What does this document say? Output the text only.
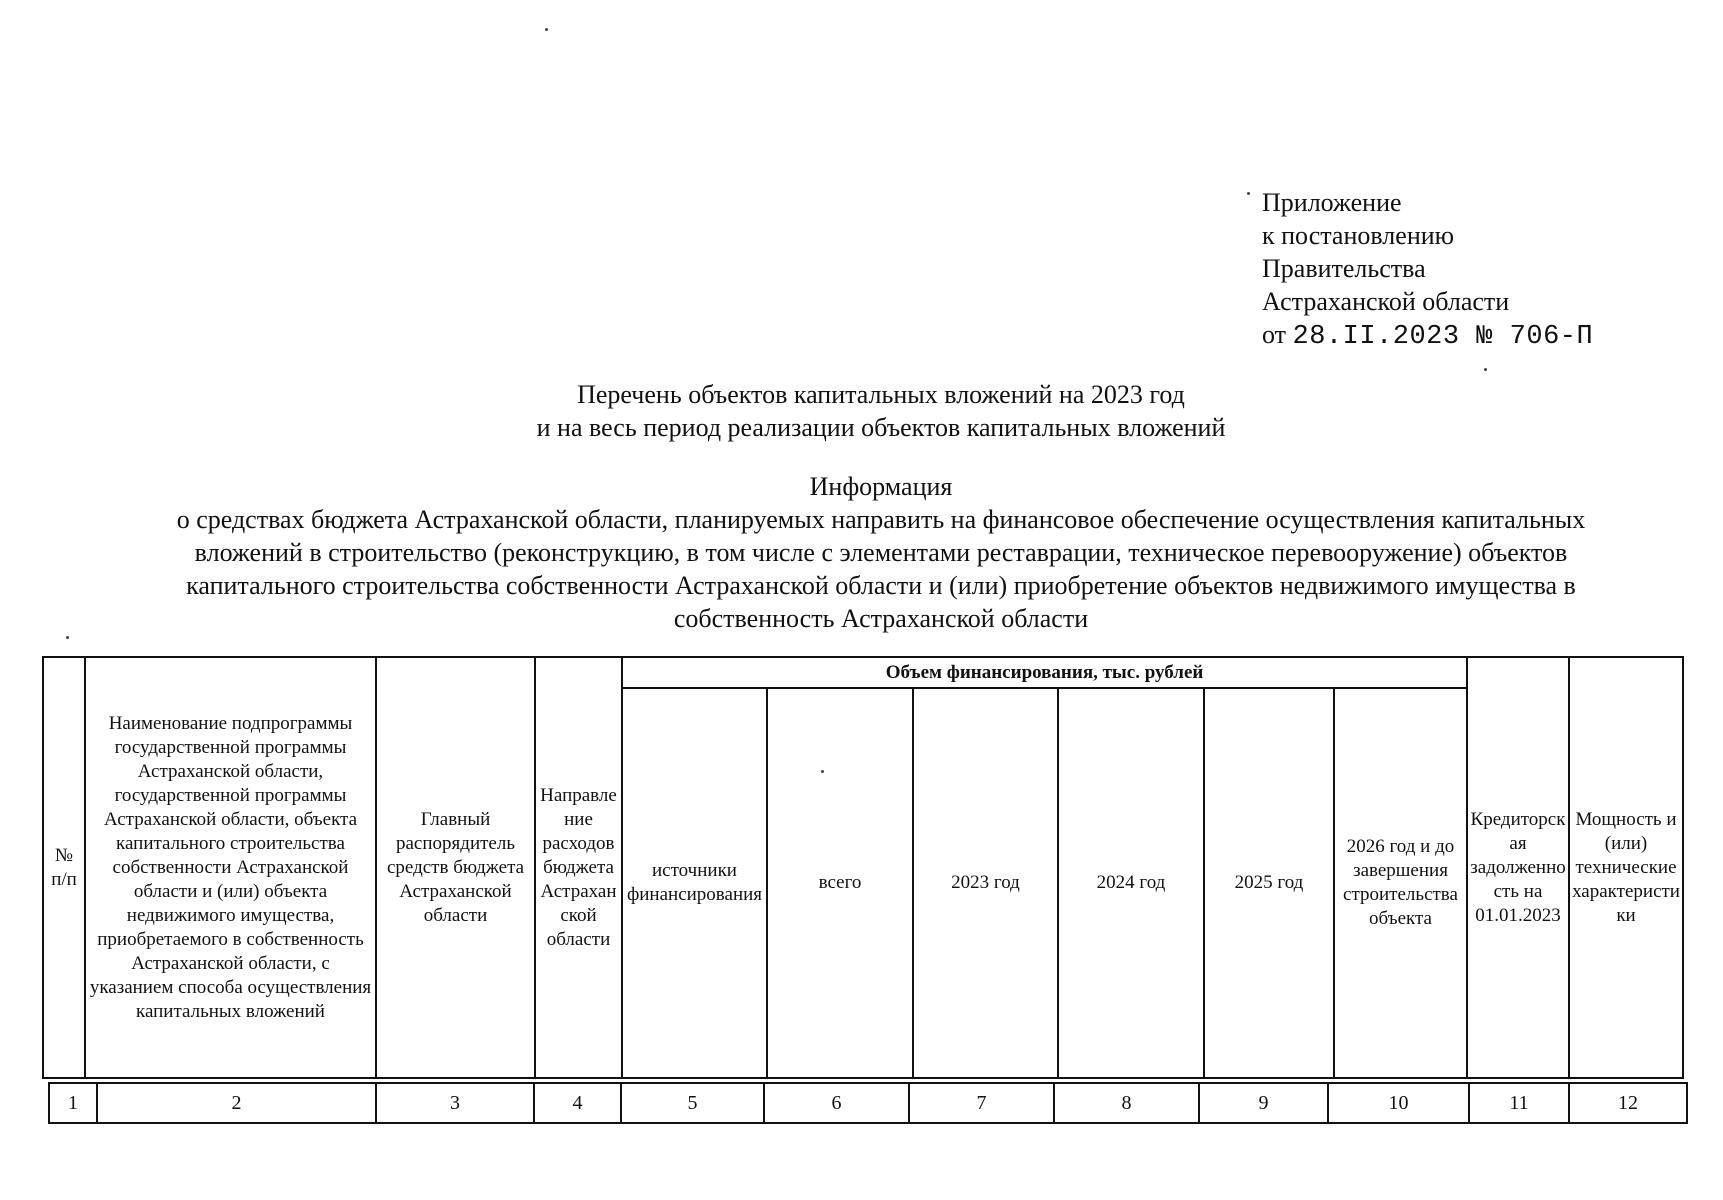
Приложение
к постановлению
Правительства
Астраханской области
от 28.II.2023 № 706-П
Перечень объектов капитальных вложений на 2023 год
и на весь период реализации объектов капитальных вложений
Информация
о средствах бюджета Астраханской области, планируемых направить на финансовое обеспечение осуществления капитальных
вложений в строительство (реконструкцию, в том числе с элементами реставрации, техническое перевооружение) объектов
капитального строительства собственности Астраханской области и (или) приобретение объектов недвижимого имущества в
собственность Астраханской области
№ п/п	Наименование подпрограммы государственной программы Астраханской области, государственной программы Астраханской области, объекта капитального строительства собственности Астраханской области и (или) объекта недвижимого имущества, приобретаемого в собственность Астраханской области, с указанием способа осуществления капитальных вложений	Главный распорядитель средств бюджета Астраханской области	Направление расходов бюджета Астраханской области	Объем финансирования, тыс. рублей						Кредиторская задолженность на 01.01.2023	Мощность и (или) технические характеристики
				источники финансирования	всего	2023 год	2024 год	2025 год	2026 год и до завершения строительства объекта		
1	2	3	4	5	6	7	8	9	10	11	12
